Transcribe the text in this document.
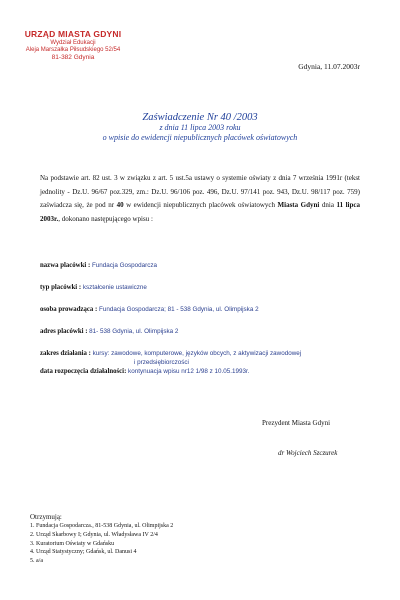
URZĄD MIASTA GDYNI
Wydział Edukacji
Aleja Marszałka Piłsudskiego 52/54
81-382 Gdynia
Gdynia, 11.07.2003r
Zaświadczenie Nr 40 /2003
z dnia 11 lipca 2003 roku
o wpisie do ewidencji niepublicznych placówek oświatowych
Na podstawie art. 82 ust. 3 w związku z art. 5 ust.5a ustawy o systemie oświaty z dnia 7 września 1991r (tekst jednolity - Dz.U. 96/67 poz.329, zm.: Dz.U. 96/106 poz. 496, Dz.U. 97/141 poz. 943, Dz.U. 98/117 poz. 759) zaświadcza się, że pod nr 40 w ewidencji niepublicznych placówek oświatowych Miasta Gdyni dnia 11 lipca 2003r., dokonano następującego wpisu :
nazwa placówki : Fundacja Gospodarcza
typ placówki : kształcenie ustawiczne
osoba prowadząca : Fundacja Gospodarcza; 81 - 538 Gdynia, ul. Olimpijska 2
adres placówki : 81- 538 Gdynia, ul. Olimpijska 2
zakres działania : kursy: zawodowe, komputerowe, języków obcych, z aktywizacji zawodowej
i przedsiębiorczości
data rozpoczęcia działalności: kontynuacja wpisu nr12 1/98 z 10.05.1993r.
Prezydent Miasta Gdyni
dr Wojciech Szczurek
Otrzymują:
1. Fundacja Gospodarcza., 81-538 Gdynia, ul. Olimpijska 2
2. Urząd Skarbowy I; Gdynia, ul. Władysława IV 2/4
3. Kuratorium Oświaty w Gdańsku
4. Urząd Statystyczny; Gdańsk, ul. Danusi 4
5. a/a
